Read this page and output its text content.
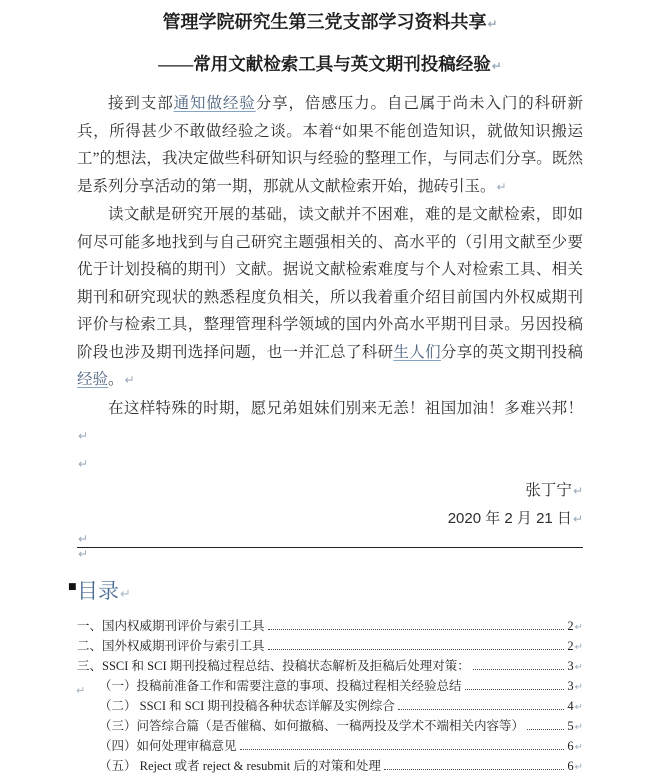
管理学院研究生第三党支部学习资料共享↵
——常用文献检索工具与英文期刊投稿经验↵

接到支部通知做经验分享，倍感压力。自己属于尚未入门的科研新兵，所得甚少不敢做经验之谈。本着“如果不能创造知识，就做知识搬运工”的想法，我决定做些科研知识与经验的整理工作，与同志们分享。既然是系列分享活动的第一期，那就从文献检索开始，抛砖引玉。↵

读文献是研究开展的基础，读文献并不困难，难的是文献检索，即如何尽可能多地找到与自己研究主题强相关的、高水平的（引用文献至少要优于计划投稿的期刊）文献。据说文献检索难度与个人对检索工具、相关期刊和研究现状的熟悉程度负相关，所以我着重介绍目前国内外权威期刊评价与检索工具，整理管理科学领域的国内外高水平期刊目录。另因投稿阶段也涉及期刊选择问题，也一并汇总了科研生人们分享的英文期刊投稿经验。↵

在这样特殊的时期，愿兄弟姐妹们别来无恙！祖国加油！多难兴邦！↵

↵
张丁宁↵
2020 年 2 月 21 日↵
↵
↵
■ 目录↵
一、国内权威期刊评价与索引工具	2 ↵
二、国外权威期刊评价与索引工具	2 ↵
三、SSCI 和 SCI 期刊投稿过程总结、投稿状态解析及拒稿后处理对策：	3 ↵
（一）投稿前准备工作和需要注意的事项、投稿过程相关经验总结	3 ↵
（二） SSCI 和 SCI 期刊投稿各种状态详解及实例综合	4 ↵
（三）问答综合篇（是否催稿、如何撤稿、一稿两投及学术不端相关内容等）	5 ↵
（四）如何处理审稿意见	6 ↵
（五） Reject 或者 reject & resubmit 后的对策和处理	6 ↵
↵
